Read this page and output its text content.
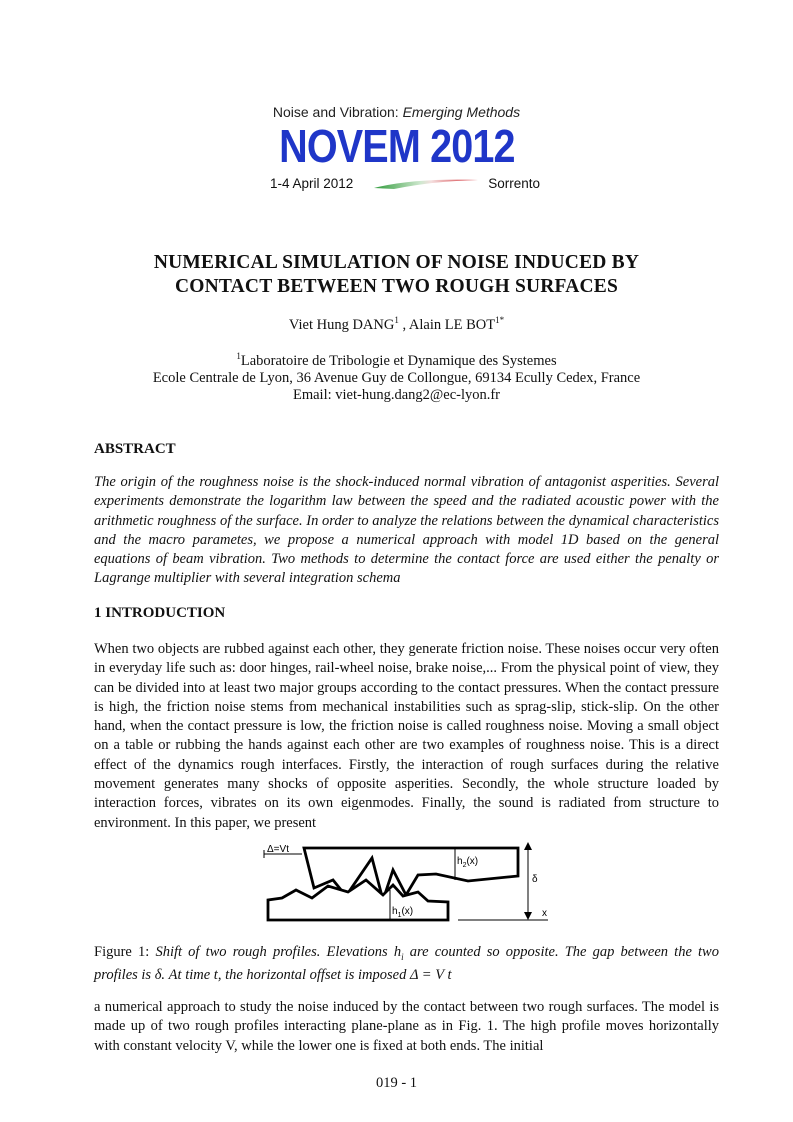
Noise and Vibration: Emerging Methods
NOVEM 2012
1-4 April 2012	Sorrento
NUMERICAL SIMULATION OF NOISE INDUCED BY
CONTACT BETWEEN TWO ROUGH SURFACES
Viet Hung DANG$^1$ , Alain LE $BOT^{1*}$
$^1$Laboratoire de Tribologie et Dynamique des Systemes
Ecole Centrale de Lyon, 36 Avenue Guy de Collongue, 69134 Ecully Cedex, France
Email: viet-hung.dang2@ec-lyon.fr
ABSTRACT
The origin of the roughness noise is the shock-induced normal vibration of antagonist asperities. Several experiments demonstrate the logarithm law between the speed and the radiated acoustic power with the arithmetic roughness of the surface. In order to analyze the relations between the dynamical characteristics and the macro parametes, we propose a numerical approach with model 1D based on the general equations of beam vibration. Two methods to determine the contact force are used either the penalty or Lagrange multiplier with several integration schema
1 INTRODUCTION
When two objects are rubbed against each other, they generate friction noise. These noises occur very often in everyday life such as: door hinges, rail-wheel noise, brake noise,... From the physical point of view, they can be divided into at least two major groups according to the contact pressures. When the contact pressure is high, the friction noise stems from mechanical instabilities such as sprag-slip, stick-slip. On the other hand, when the contact pressure is low, the friction noise is called roughness noise. Moving a small object on a table or rubbing the hands against each other are two examples of roughness noise. This is a direct effect of the dynamics rough interfaces. Firstly, the interaction of rough surfaces during the relative movement generates many shocks of opposite asperities. Secondly, the whole structure loaded by interaction forces, vibrates on its own eigenmodes. Finally, the sound is radiated from structure to environment. In this paper, we present
Δ=Vt
$h_2(x)$
$h_1(x)$
δ
x
Figure 1: Shift of two rough profiles. Elevations $h_i$ are counted so opposite. The gap between the two profiles is δ. At time t, the horizontal offset is imposed Δ = V t
a numerical approach to study the noise induced by the contact between two rough surfaces. The model is made up of two rough profiles interacting plane-plane as in Fig. 1. The high profile moves horizontally with constant velocity V, while the lower one is fixed at both ends. The initial
019 - 1
